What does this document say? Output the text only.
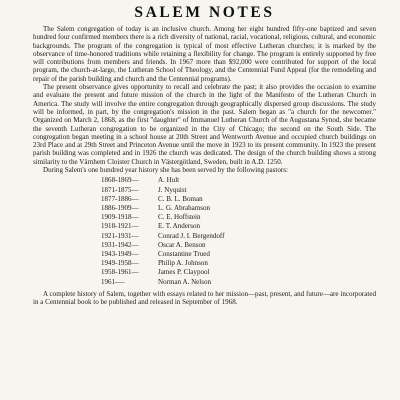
SALEM NOTES

The Salem congregation of today is an inclusive church. Among her eight hundred fifty-one baptized and seven hundred four confirmed members there is a rich diversity of national, racial, vocational, religious, cultural, and economic backgrounds. The program of the congregation is typical of most effective Lutheran churches; it is marked by the observance of time-honored traditions while retaining a flexibility for change. The program is entirely supported by free will contributions from members and friends. In 1967 more than $92,000 were contributed for support of the local program, the church-at-large, the Lutheran School of Theology, and the Centennial Fund Appeal (for the remodeling and repair of the parish building and church and the Centennial programs).

The present observance gives opportunity to recall and celebrate the past; it also provides the occasion to examine and evaluate the present and future mission of the church in the light of the Manifesto of the Lutheran Church in America. The study will involve the entire congregation through geographically dispersed group discussions. The study will be informed, in part, by the congregation's mission in the past. Salem began as "a church for the newcomer." Organized on March 2, 1868, as the first "daughter" of Immanuel Lutheran Church of the Augustana Synod, she became the seventh Lutheran congregation to be organized in the City of Chicago; the second on the South Side. The congregation began meeting in a school house at 20th Street and Wentworth Avenue and occupied church buildings on 23rd Place and at 29th Street and Princeton Avenue until the move in 1923 to its present community. In 1923 the present parish building was completed and in 1926 the church was dedicated. The design of the church building shows a strong similarity to the Värnhem Cloister Church in Västergötland, Sweden, built in A.D. 1250.

During Salem's one hundred year history she has been served by the following pastors:

1868-1869—	A. Hult
1871-1875—	J. Nyquist
1877-1886—	C. B. L. Boman
1886-1909—	L. G. Abrahamson
1909-1918—	C. E. Hoffstein
1918-1921—	E. T. Anderson
1921-1931—	Conrad J. I. Bergendoff
1931-1942—	Oscar A. Benson
1943-1949—	Constantine Trued
1949-1958—	Philip A. Johnson
1958-1961—	James P. Claypool
1961-—	Norman A. Nelson

A complete history of Salem, together with essays related to her mission—past, present, and future—are incorporated in a Centennial book to be published and released in September of 1968.
